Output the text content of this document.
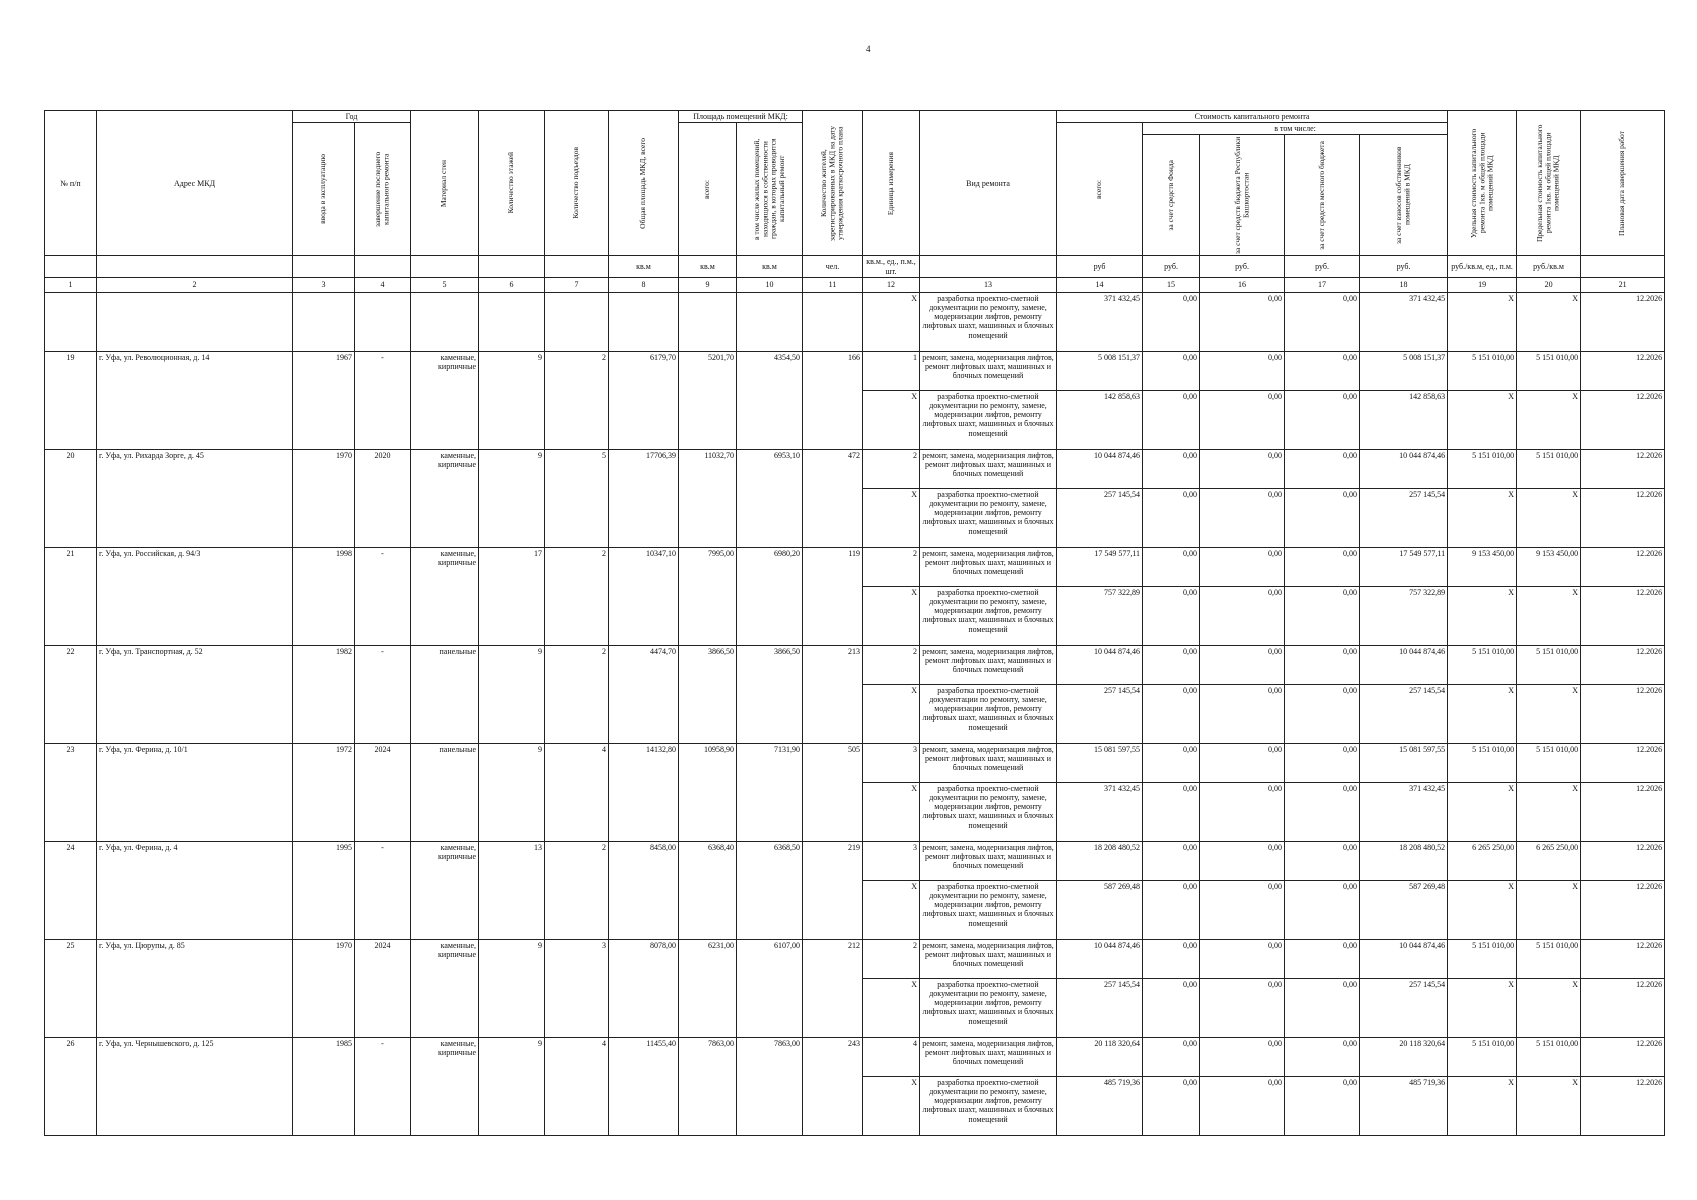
4
№ п/п	Адрес МКД	Год		Материал стен	Количество этажей	Количество подъездов	Общая площадь МКД, всего	Площадь помещений МКД:		Количество жителей, зарегистрированных в МКД на дату утверждения краткосрочного плана	Единица измерения	Вид ремонта	Стоимость капитального ремонта					Удельная стоимость капитального ремонта 1кв. м общей площади помещений МКД	Предельная стоимость капитального ремонта 1кв. м общей площади помещений МКД	Плановая дата завершения работ

		ввода в эксплуатацию	завершение последнего капитального ремонта					всего:	в том числе жилых помещений, находящихся в собственности граждан, в которых проводится капитальный ремонт				всего:	в том числе:						

														за счет средств Фонда	за счет средств бюджета Республики Башкортостан	за счет средств местного бюджета	за счет взносов собственников помещений в МКД			

							кв.м	кв.м	кв.м	чел.	кв.м., ед., п.м., шт.		руб	руб.	руб.	руб.	руб.	руб./кв.м, ед., п.м.	руб./кв.м	
1	2	3	4	5	6	7	8	9	10	11	12	13	14	15	16	17	18	19	20	21
											X	разработка проектно-сметной документации по ремонту, замене, модернизации лифтов, ремонту лифтовых шахт, машинных и блочных помещений	371 432,45	0,00	0,00	0,00	371 432,45	X	X	12.2026
19	г. Уфа, ул. Революционная, д. 14	1967	-	каменные, кирпичные	9	2	6179,70	5201,70	4354,50	166	1	ремонт, замена, модернизация лифтов, ремонт лифтовых шахт, машинных и блочных помещений	5 008 151,37	0,00	0,00	0,00	5 008 151,37	5 151 010,00	5 151 010,00	12.2026
											X	разработка проектно-сметной документации по ремонту, замене, модернизации лифтов, ремонту лифтовых шахт, машинных и блочных помещений	142 858,63	0,00	0,00	0,00	142 858,63	X	X	12.2026
20	г. Уфа, ул. Рихарда Зорге, д. 45	1970	2020	каменные, кирпичные	9	5	17706,39	11032,70	6953,10	472	2	ремонт, замена, модернизация лифтов, ремонт лифтовых шахт, машинных и блочных помещений	10 044 874,46	0,00	0,00	0,00	10 044 874,46	5 151 010,00	5 151 010,00	12.2026
											X	разработка проектно-сметной документации по ремонту, замене, модернизации лифтов, ремонту лифтовых шахт, машинных и блочных помещений	257 145,54	0,00	0,00	0,00	257 145,54	X	X	12.2026
21	г. Уфа, ул. Российская, д. 94/3	1998	-	каменные, кирпичные	17	2	10347,10	7995,00	6980,20	119	2	ремонт, замена, модернизация лифтов, ремонт лифтовых шахт, машинных и блочных помещений	17 549 577,11	0,00	0,00	0,00	17 549 577,11	9 153 450,00	9 153 450,00	12.2026
											X	разработка проектно-сметной документации по ремонту, замене, модернизации лифтов, ремонту лифтовых шахт, машинных и блочных помещений	757 322,89	0,00	0,00	0,00	757 322,89	X	X	12.2026
22	г. Уфа, ул. Транспортная, д. 52	1982	-	панельные	9	2	4474,70	3866,50	3866,50	213	2	ремонт, замена, модернизация лифтов, ремонт лифтовых шахт, машинных и блочных помещений	10 044 874,46	0,00	0,00	0,00	10 044 874,46	5 151 010,00	5 151 010,00	12.2026
											X	разработка проектно-сметной документации по ремонту, замене, модернизации лифтов, ремонту лифтовых шахт, машинных и блочных помещений	257 145,54	0,00	0,00	0,00	257 145,54	X	X	12.2026
23	г. Уфа, ул. Ферина, д. 10/1	1972	2024	панельные	9	4	14132,80	10958,90	7131,90	505	3	ремонт, замена, модернизация лифтов, ремонт лифтовых шахт, машинных и блочных помещений	15 081 597,55	0,00	0,00	0,00	15 081 597,55	5 151 010,00	5 151 010,00	12.2026
											X	разработка проектно-сметной документации по ремонту, замене, модернизации лифтов, ремонту лифтовых шахт, машинных и блочных помещений	371 432,45	0,00	0,00	0,00	371 432,45	X	X	12.2026
24	г. Уфа, ул. Ферина, д. 4	1995	-	каменные, кирпичные	13	2	8458,00	6368,40	6368,50	219	3	ремонт, замена, модернизация лифтов, ремонт лифтовых шахт, машинных и блочных помещений	18 208 480,52	0,00	0,00	0,00	18 208 480,52	6 265 250,00	6 265 250,00	12.2026
											X	разработка проектно-сметной документации по ремонту, замене, модернизации лифтов, ремонту лифтовых шахт, машинных и блочных помещений	587 269,48	0,00	0,00	0,00	587 269,48	X	X	12.2026
25	г. Уфа, ул. Цюрупы, д. 85	1970	2024	каменные, кирпичные	9	3	8078,00	6231,00	6107,00	212	2	ремонт, замена, модернизация лифтов, ремонт лифтовых шахт, машинных и блочных помещений	10 044 874,46	0,00	0,00	0,00	10 044 874,46	5 151 010,00	5 151 010,00	12.2026
											X	разработка проектно-сметной документации по ремонту, замене, модернизации лифтов, ремонту лифтовых шахт, машинных и блочных помещений	257 145,54	0,00	0,00	0,00	257 145,54	X	X	12.2026
26	г. Уфа, ул. Чернышевского, д. 125	1985	-	каменные, кирпичные	9	4	11455,40	7863,00	7863,00	243	4	ремонт, замена, модернизация лифтов, ремонт лифтовых шахт, машинных и блочных помещений	20 118 320,64	0,00	0,00	0,00	20 118 320,64	5 151 010,00	5 151 010,00	12.2026
											X	разработка проектно-сметной документации по ремонту, замене, модернизации лифтов, ремонту лифтовых шахт, машинных и блочных помещений	485 719,36	0,00	0,00	0,00	485 719,36	X	X	12.2026
